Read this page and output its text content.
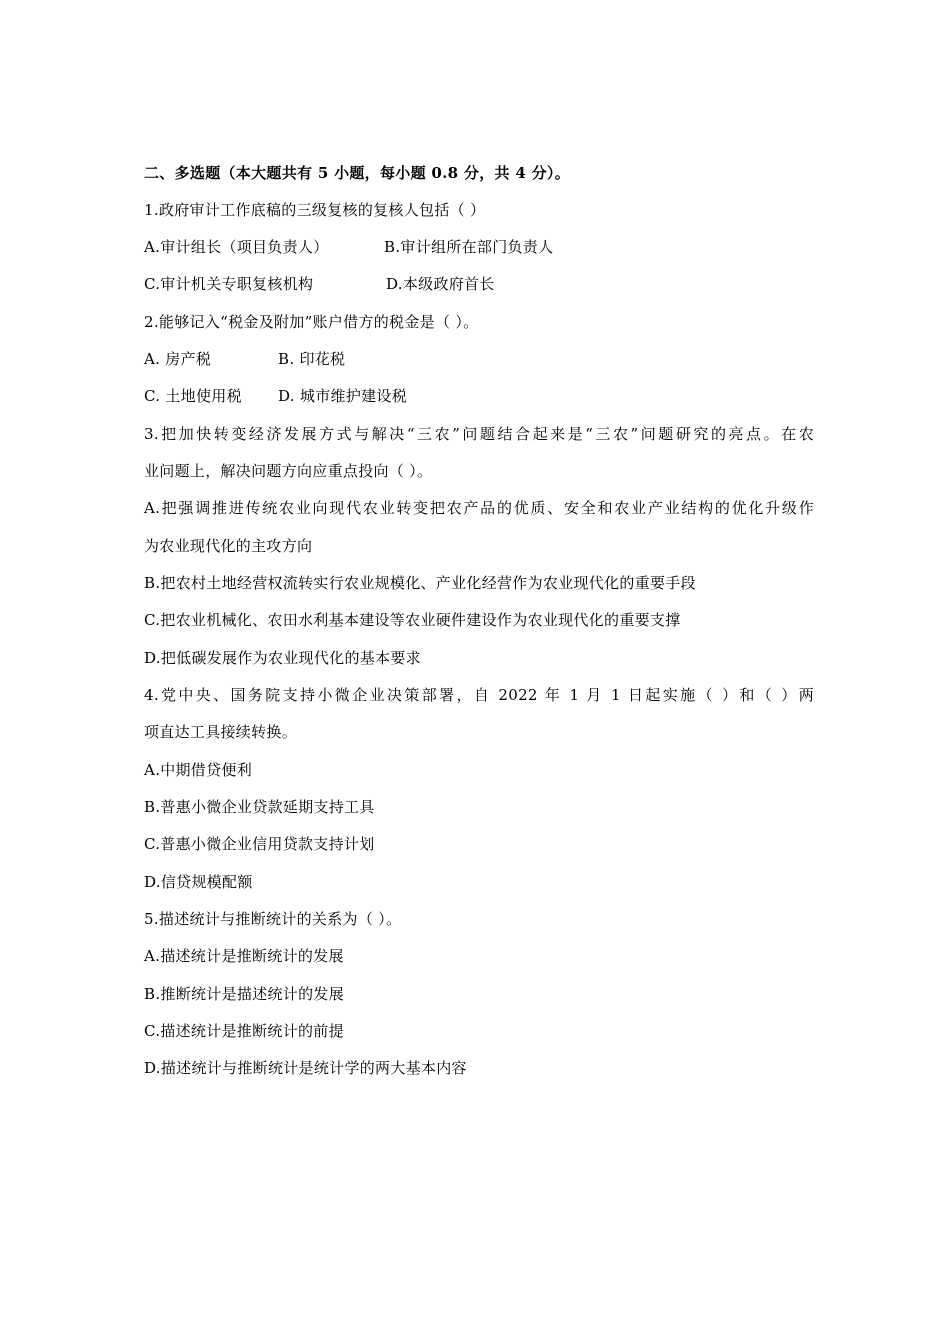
二、多选题（本大题共有 5 小题，每小题 0.8 分，共 4 分）。
1.政府审计工作底稿的三级复核的复核人包括（ ）
A.审计组长（项目负责人）	B.审计组所在部门负责人
C.审计机关专职复核机构	D.本级政府首长
2.能够记入“税金及附加”账户借方的税金是（ ）。
A. 房产税	B. 印花税
C. 土地使用税 D. 城市维护建设税
3.把加快转变经济发展方式与解决“三农”问题结合起来是“三农”问题研究的亮点。在农
业问题上，解决问题方向应重点投向（ ）。
A.把强调推进传统农业向现代农业转变把农产品的优质、安全和农业产业结构的优化升级作
为农业现代化的主攻方向
B.把农村土地经营权流转实行农业规模化、产业化经营作为农业现代化的重要手段
C.把农业机械化、农田水利基本建设等农业硬件建设作为农业现代化的重要支撑
D.把低碳发展作为农业现代化的基本要求
4.党中央、国务院支持小微企业决策部署，自 2022 年 1 月 1 日起实施（ ）和（ ）两
项直达工具接续转换。
A.中期借贷便利
B.普惠小微企业贷款延期支持工具
C.普惠小微企业信用贷款支持计划
D.信贷规模配额
5.描述统计与推断统计的关系为（ ）。
A.描述统计是推断统计的发展
B.推断统计是描述统计的发展
C.描述统计是推断统计的前提
D.描述统计与推断统计是统计学的两大基本内容
